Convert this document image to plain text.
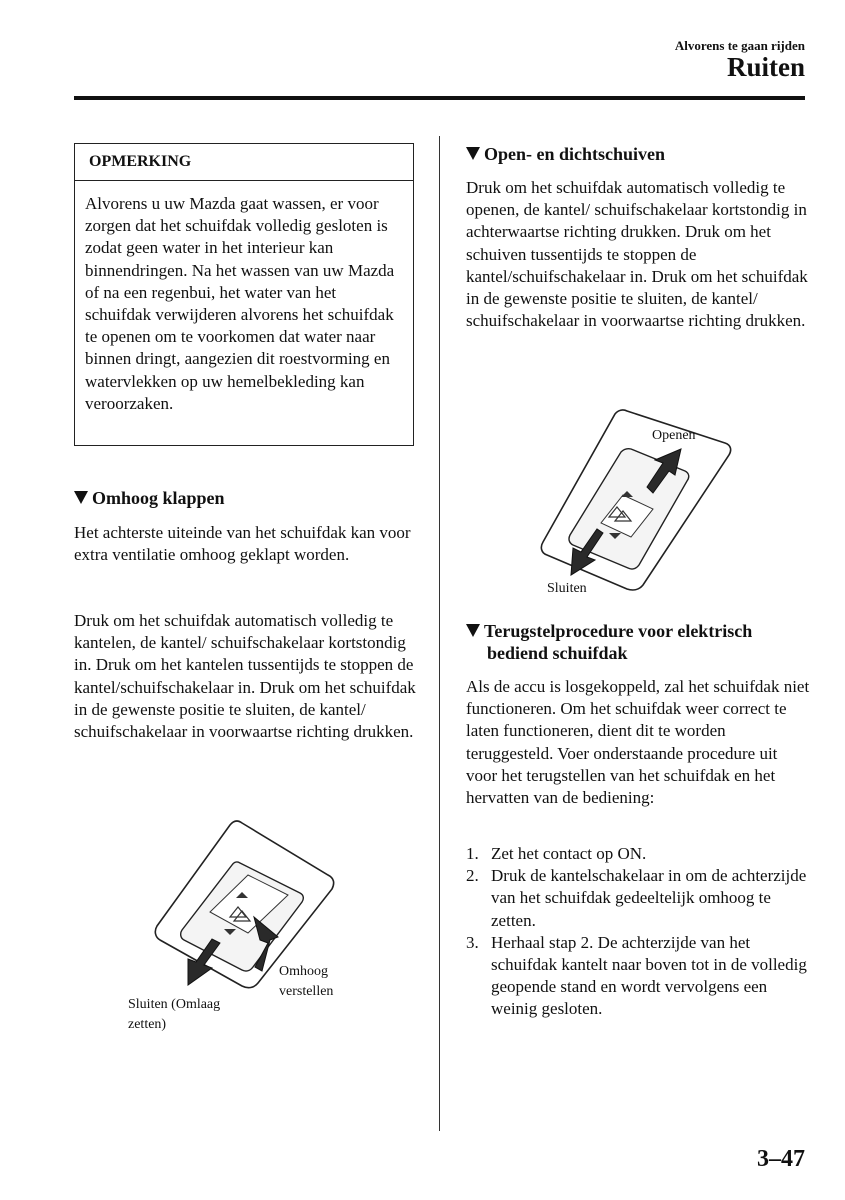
Alvorens te gaan rijden
Ruiten
OPMERKING
Alvorens u uw Mazda gaat wassen, er voor zorgen dat het schuifdak volledig gesloten is zodat geen water in het interieur kan binnendringen. Na het wassen van uw Mazda of na een regenbui, het water van het schuifdak verwijderen alvorens het schuifdak te openen om te voorkomen dat water naar binnen dringt, aangezien dit roestvorming en watervlekken op uw hemelbekleding kan veroorzaken.
Omhoog klappen

Het achterste uiteinde van het schuifdak kan voor extra ventilatie omhoog geklapt worden.

Druk om het schuifdak automatisch volledig te kantelen, de kantel/ schuifschakelaar kortstondig in. Druk om het kantelen tussentijds te stoppen de kantel/schuifschakelaar in. Druk om het schuifdak in de gewenste positie te sluiten, de kantel/ schuifschakelaar in voorwaartse richting drukken.

Omhoog verstellen
Sluiten (Omlaag zetten)
Open- en dichtschuiven

Druk om het schuifdak automatisch volledig te openen, de kantel/ schuifschakelaar kortstondig in achterwaartse richting drukken. Druk om het schuiven tussentijds te stoppen de kantel/schuifschakelaar in. Druk om het schuifdak in de gewenste positie te sluiten, de kantel/ schuifschakelaar in voorwaartse richting drukken.

Openen
Sluiten
Terugstelprocedure voor elektrisch
bediend schuifdak

Als de accu is losgekoppeld, zal het schuifdak niet functioneren. Om het schuifdak weer correct te laten functioneren, dient dit te worden teruggesteld. Voer onderstaande procedure uit voor het terugstellen van het schuifdak en het hervatten van de bediening:

1. Zet het contact op ON.
2. Druk de kantelschakelaar in om de achterzijde van het schuifdak gedeeltelijk omhoog te zetten.
3. Herhaal stap 2. De achterzijde van het schuifdak kantelt naar boven tot in de volledig geopende stand en wordt vervolgens een weinig gesloten.
3–47
